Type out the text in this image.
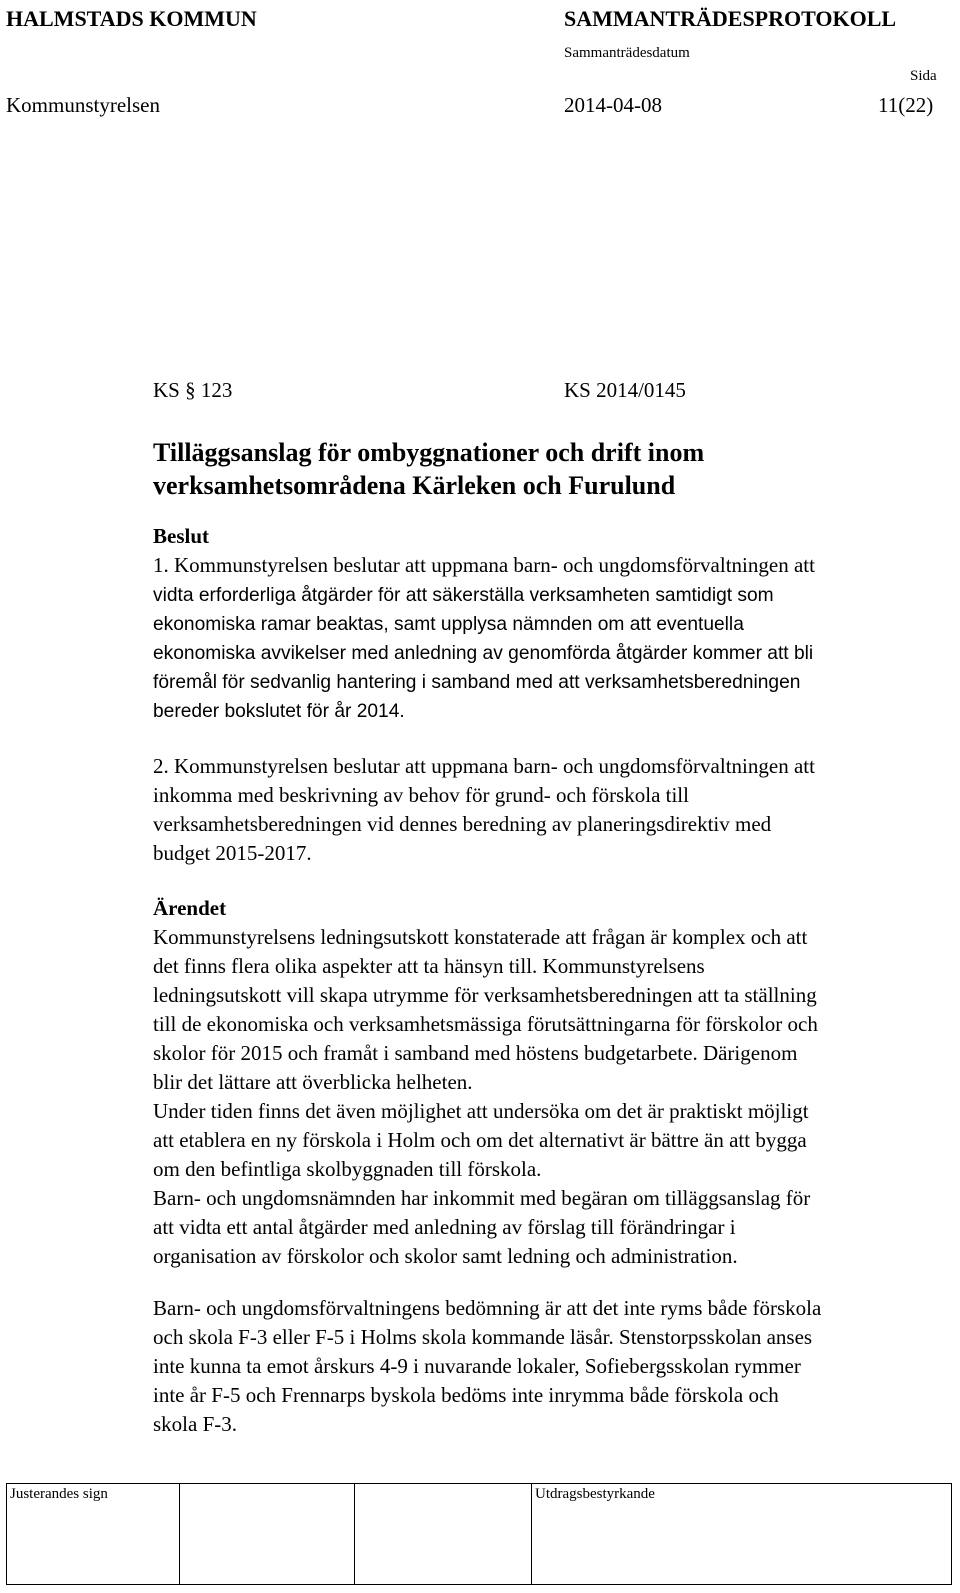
HALMSTADS KOMMUN	SAMMANTRÄDESPROTOKOLL
Sammanträdesdatum
Sida
Kommunstyrelsen	2014-04-08	11(22)
KS § 123	KS 2014/0145
Tilläggsanslag för ombyggnationer och drift inom
verksamhetsområdena Kärleken och Furulund
Beslut
1. Kommunstyrelsen beslutar att uppmana barn- och ungdomsförvaltningen att
vidta erforderliga åtgärder för att säkerställa verksamheten samtidigt som
ekonomiska ramar beaktas, samt upplysa nämnden om att eventuella
ekonomiska avvikelser med anledning av genomförda åtgärder kommer att bli
föremål för sedvanlig hantering i samband med att verksamhetsberedningen
bereder bokslutet för år 2014.
2. Kommunstyrelsen beslutar att uppmana barn- och ungdomsförvaltningen att
inkomma med beskrivning av behov för grund- och förskola till
verksamhetsberedningen vid dennes beredning av planeringsdirektiv med
budget 2015-2017.
Ärendet
Kommunstyrelsens ledningsutskott konstaterade att frågan är komplex och att
det finns flera olika aspekter att ta hänsyn till. Kommunstyrelsens
ledningsutskott vill skapa utrymme för verksamhetsberedningen att ta ställning
till de ekonomiska och verksamhetsmässiga förutsättningarna för förskolor och
skolor för 2015 och framåt i samband med höstens budgetarbete. Därigenom
blir det lättare att överblicka helheten.
Under tiden finns det även möjlighet att undersöka om det är praktiskt möjligt
att etablera en ny förskola i Holm och om det alternativt är bättre än att bygga
om den befintliga skolbyggnaden till förskola.
Barn- och ungdomsnämnden har inkommit med begäran om tilläggsanslag för
att vidta ett antal åtgärder med anledning av förslag till förändringar i
organisation av förskolor och skolor samt ledning och administration.
Barn- och ungdomsförvaltningens bedömning är att det inte ryms både förskola
och skola F-3 eller F-5 i Holms skola kommande läsår. Stenstorpsskolan anses
inte kunna ta emot årskurs 4-9 i nuvarande lokaler, Sofiebergsskolan rymmer
inte år F-5 och Frennarps byskola bedöms inte inrymma både förskola och
skola F-3.
Justerandes sign			Utdragsbestyrkande
